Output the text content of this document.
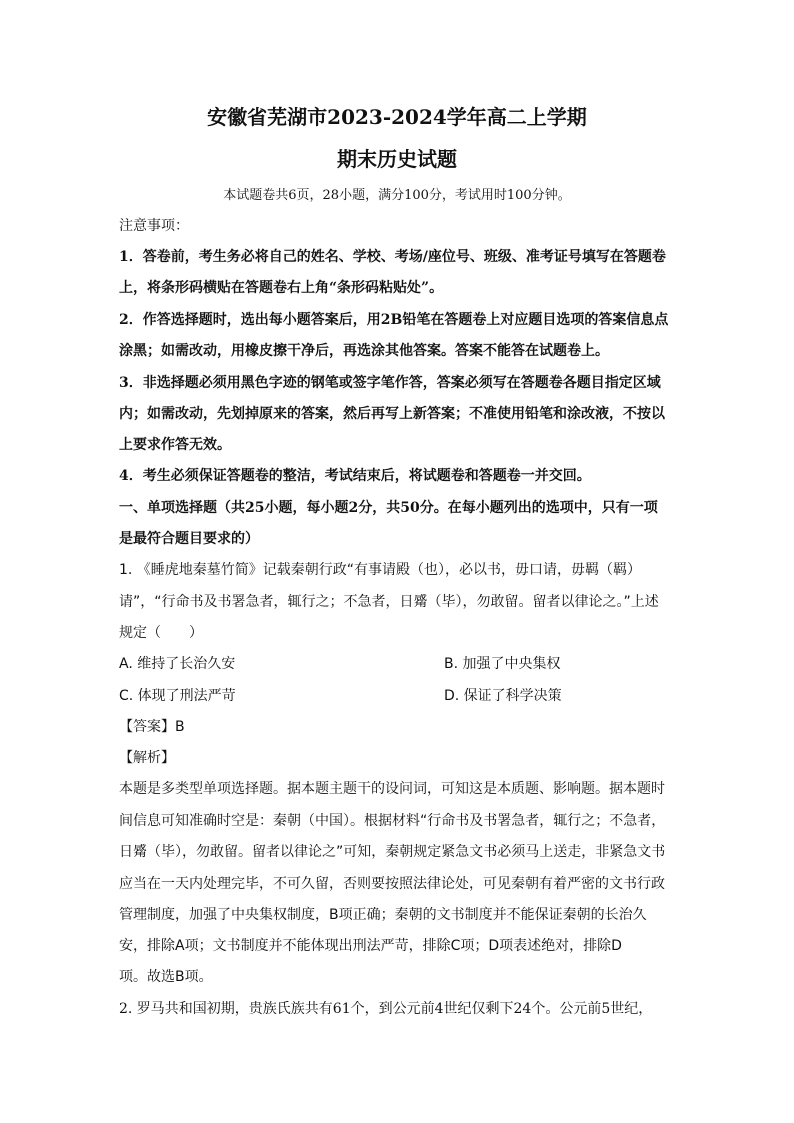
安徽省芜湖市2023-2024学年高二上学期
期末历史试题
本试题卷共6页，28小题，满分100分，考试用时100分钟。
注意事项：
1．答卷前，考生务必将自己的姓名、学校、考场/座位号、班级、准考证号填写在答题卷
上，将条形码横贴在答题卷右上角“条形码粘贴处”。
2．作答选择题时，选出每小题答案后，用2B铅笔在答题卷上对应题目选项的答案信息点
涂黑；如需改动，用橡皮擦干净后，再选涂其他答案。答案不能答在试题卷上。
3．非选择题必须用黑色字迹的钢笔或签字笔作答，答案必须写在答题卷各题目指定区域
内；如需改动，先划掉原来的答案，然后再写上新答案；不准使用铅笔和涂改液，不按以
上要求作答无效。
4．考生必须保证答题卷的整洁，考试结束后，将试题卷和答题卷一并交回。
一、单项选择题（共25小题，每小题2分，共50分。在每小题列出的选项中，只有一项
是最符合题目要求的）
1. 《睡虎地秦墓竹简》记载秦朝行政“有事请殿（也），必以书，毋口请，毋羁（羁）
请”，“行命书及书署急者，辄行之；不急者，日觱（毕），勿敢留。留者以律论之。”上述
规定（　　）
A. 维持了长治久安	B. 加强了中央集权
C. 体现了刑法严苛	D. 保证了科学决策
【答案】B
【解析】
本题是多类型单项选择题。据本题主题干的设问词，可知这是本质题、影响题。据本题时
间信息可知准确时空是：秦朝（中国）。根据材料“行命书及书署急者，辄行之；不急者，
日觱（毕），勿敢留。留者以律论之”可知，秦朝规定紧急文书必须马上送走，非紧急文书
应当在一天内处理完毕，不可久留，否则要按照法律论处，可见秦朝有着严密的文书行政
管理制度，加强了中央集权制度，B项正确；秦朝的文书制度并不能保证秦朝的长治久
安，排除A项；文书制度并不能体现出刑法严苛，排除C项；D项表述绝对，排除D
项。故选B项。
2. 罗马共和国初期，贵族氏族共有61个，到公元前4世纪仅剩下24个。公元前5世纪，
